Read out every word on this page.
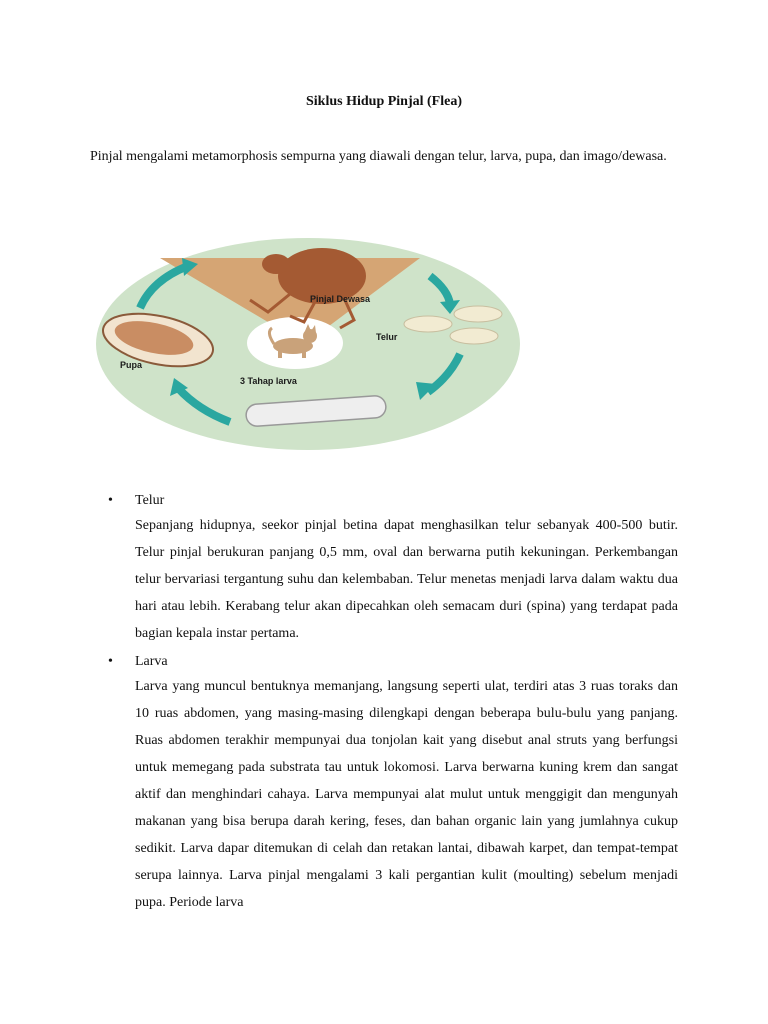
Siklus Hidup Pinjal (Flea)
Pinjal mengalami metamorphosis sempurna yang diawali dengan telur, larva, pupa, dan imago/dewasa.
Pinjal Dewasa
Telur
3 Tahap larva
Pupa
• Telur
Sepanjang hidupnya, seekor pinjal betina dapat menghasilkan telur sebanyak 400-500 butir. Telur pinjal berukuran panjang 0,5 mm, oval dan berwarna putih kekuningan. Perkembangan telur bervariasi tergantung suhu dan kelembaban. Telur menetas menjadi larva dalam waktu dua hari atau lebih. Kerabang telur akan dipecahkan oleh semacam duri (spina) yang terdapat pada bagian kepala instar pertama.
• Larva
Larva yang muncul bentuknya memanjang, langsung seperti ulat, terdiri atas 3 ruas toraks dan 10 ruas abdomen, yang masing-masing dilengkapi dengan beberapa bulu-bulu yang panjang. Ruas abdomen terakhir mempunyai dua tonjolan kait yang disebut anal struts yang berfungsi untuk memegang pada substrata tau untuk lokomosi. Larva berwarna kuning krem dan sangat aktif dan menghindari cahaya. Larva mempunyai alat mulut untuk menggigit dan mengunyah makanan yang bisa berupa darah kering, feses, dan bahan organic lain yang jumlahnya cukup sedikit. Larva dapar ditemukan di celah dan retakan lantai, dibawah karpet, dan tempat-tempat serupa lainnya. Larva pinjal mengalami 3 kali pergantian kulit (moulting) sebelum menjadi pupa. Periode larva
